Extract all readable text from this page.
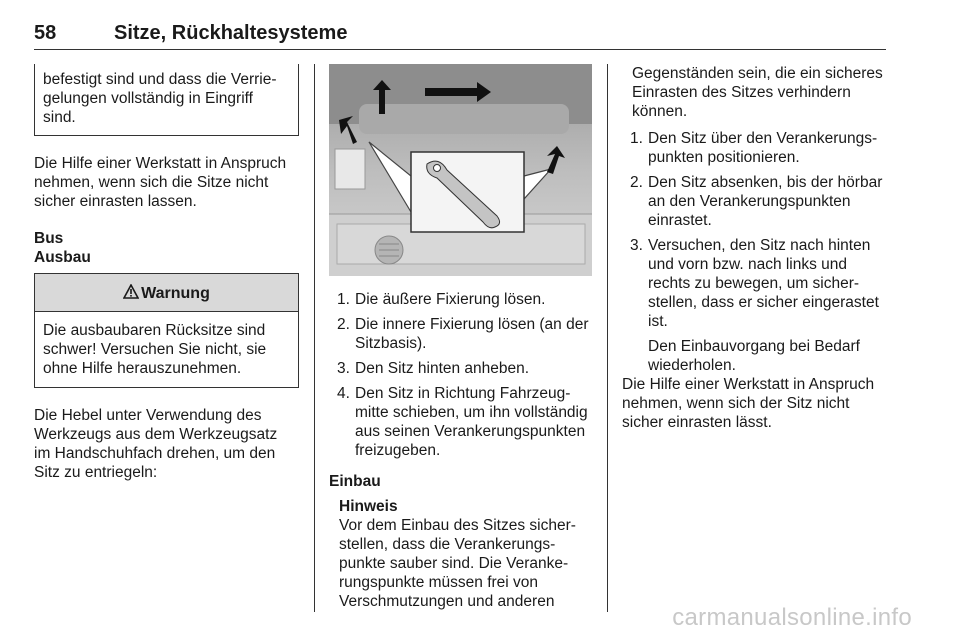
58	Sitze, Rückhaltesysteme

befestigt sind und dass die Verrie-
gelungen vollständig in Eingriff
sind.

Die Hilfe einer Werkstatt in Anspruch
nehmen, wenn sich die Sitze nicht
sicher einrasten lassen.

Bus

Ausbau

Warnung

Die ausbaubaren Rücksitze sind
schwer! Versuchen Sie nicht, sie
ohne Hilfe herauszunehmen.

Die Hebel unter Verwendung des
Werkzeugs aus dem Werkzeugsatz
im Handschuhfach drehen, um den
Sitz zu entriegeln:

1. Die äußere Fixierung lösen.
2. Die innere Fixierung lösen (an der
Sitzbasis).
3. Den Sitz hinten anheben.
4. Den Sitz in Richtung Fahrzeug-
mitte schieben, um ihn vollständig
aus seinen Verankerungspunkten
freizugeben.

Einbau

Hinweis

Vor dem Einbau des Sitzes sicher-
stellen, dass die Verankerungs-
punkte sauber sind. Die Veranke-
rungspunkte müssen frei von
Verschmutzungen und anderen

Gegenständen sein, die ein sicheres
Einrasten des Sitzes verhindern
können.

1. Den Sitz über den Verankerungs-
punkten positionieren.
2. Den Sitz absenken, bis der hörbar
an den Verankerungspunkten
einrastet.
3. Versuchen, den Sitz nach hinten
und vorn bzw. nach links und
rechts zu bewegen, um sicher-
stellen, dass er sicher eingerastet
ist.

Den Einbauvorgang bei Bedarf
wiederholen.

Die Hilfe einer Werkstatt in Anspruch
nehmen, wenn sich der Sitz nicht
sicher einrasten lässt.

carmanualsonline.info
